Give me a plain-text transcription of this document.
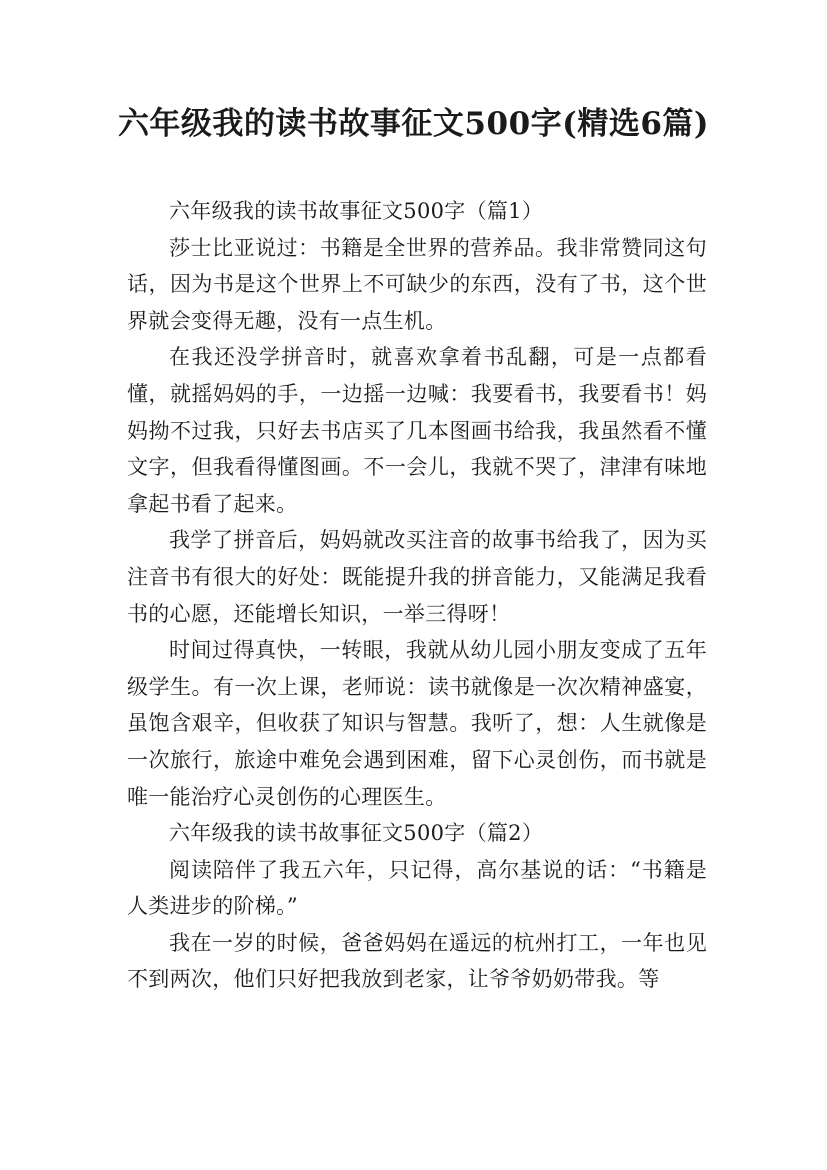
六年级我的读书故事征文500字(精选6篇)

六年级我的读书故事征文500字（篇1）

莎士比亚说过：书籍是全世界的营养品。我非常赞同这句话，因为书是这个世界上不可缺少的东西，没有了书，这个世界就会变得无趣，没有一点生机。

在我还没学拼音时，就喜欢拿着书乱翻，可是一点都看懂，就摇妈妈的手，一边摇一边喊：我要看书，我要看书！妈妈拗不过我，只好去书店买了几本图画书给我，我虽然看不懂文字，但我看得懂图画。不一会儿，我就不哭了，津津有味地拿起书看了起来。

我学了拼音后，妈妈就改买注音的故事书给我了，因为买注音书有很大的好处：既能提升我的拼音能力，又能满足我看书的心愿，还能增长知识，一举三得呀！

时间过得真快，一转眼，我就从幼儿园小朋友变成了五年级学生。有一次上课，老师说：读书就像是一次次精神盛宴，虽饱含艰辛，但收获了知识与智慧。我听了，想：人生就像是一次旅行，旅途中难免会遇到困难，留下心灵创伤，而书就是唯一能治疗心灵创伤的心理医生。

六年级我的读书故事征文500字（篇2）

阅读陪伴了我五六年，只记得，高尔基说的话：“书籍是人类进步的阶梯。”

我在一岁的时候，爸爸妈妈在遥远的杭州打工，一年也见不到两次，他们只好把我放到老家，让爷爷奶奶带我。等
